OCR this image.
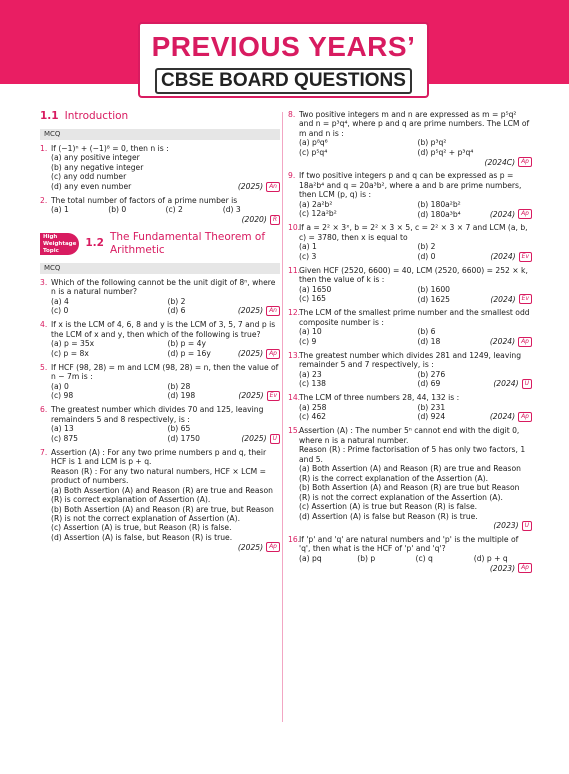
PREVIOUS YEARS’
CBSE BOARD QUESTIONS
1.1 Introduction
MCQ
1. If (−1)ⁿ + (−1)⁸ = 0, then n is :
(a) any positive integer
(b) any negative integer
(c) any odd number
(d) any even number	(2025)	An
2. The total number of factors of a prime number is
(a) 1	(b) 0	(c) 2	(d) 3
(2020)	R
High Weightage Topic
1.2
The Fundamental Theorem of Arithmetic
MCQ
3. Which of the following cannot be the unit digit of 8ⁿ, where n is a natural number?
(a) 4	(b) 2
(c) 0	(d) 6	(2025)	An
4. If x is the LCM of 4, 6, 8 and y is the LCM of 3, 5, 7 and p is the LCM of x and y, then which of the following is true?
(a) p = 35x	(b) p = 4y
(c) p = 8x	(d) p = 16y	(2025)	Ap
5. If HCF (98, 28) = m and LCM (98, 28) = n, then the value of n − 7m is :
(a) 0	(b) 28
(c) 98	(d) 198	(2025)	Ev
6. The greatest number which divides 70 and 125, leaving remainders 5 and 8 respectively, is :
(a) 13	(b) 65
(c) 875	(d) 1750	(2025)	U
7. Assertion (A) : For any two prime numbers p and q, their HCF is 1 and LCM is p + q.
Reason (R) : For any two natural numbers, HCF × LCM = product of numbers.
(a) Both Assertion (A) and Reason (R) are true and Reason (R) is correct explanation of Assertion (A).
(b) Both Assertion (A) and Reason (R) are true, but Reason (R) is not the correct explanation of Assertion (A).
(c) Assertion (A) is true, but Reason (R) is false.
(d) Assertion (A) is false, but Reason (R) is true.
(2025)	Ap
8. Two positive integers m and n are expressed as m = p⁵q² and n = p³q⁴, where p and q are prime numbers. The LCM of m and n is :
(a) p⁸q⁶	(b) p³q²
(c) p⁵q⁴	(d) p⁵q² + p³q⁴
(2024C)	Ap
9. If two positive integers p and q can be expressed as p = 18a²b⁴ and q = 20a³b², where a and b are prime numbers, then LCM (p, q) is :
(a) 2a²b²	(b) 180a²b²
(c) 12a²b²	(d) 180a³b⁴	(2024)	Ap
10.
If a = 2² × 3ˣ, b = 2² × 3 × 5, c = 2² × 3 × 7 and LCM (a, b, c) = 3780, then x is equal to
(a) 1	(b) 2
(c) 3	(d) 0	(2024)	Ev
11.
Given HCF (2520, 6600) = 40, LCM (2520, 6600) = 252 × k, then the value of k is :
(a) 1650	(b) 1600
(c) 165	(d) 1625	(2024)	Ev
12.
The LCM of the smallest prime number and the smallest odd composite number is :
(a) 10	(b) 6
(c) 9	(d) 18	(2024)	Ap
13.
The greatest number which divides 281 and 1249, leaving remainder 5 and 7 respectively, is :
(a) 23	(b) 276
(c) 138	(d) 69	(2024)	U
14.
The LCM of three numbers 28, 44, 132 is :
(a) 258	(b) 231
(c) 462	(d) 924	(2024)	Ap
15.
Assertion (A) : The number 5ⁿ cannot end with the digit 0, where n is a natural number.
Reason (R) : Prime factorisation of 5 has only two factors, 1 and 5.
(a) Both Assertion (A) and Reason (R) are true and Reason (R) is the correct explanation of the Assertion (A).
(b) Both Assertion (A) and Reason (R) are true but Reason (R) is not the correct explanation of the Assertion (A).
(c) Assertion (A) is true but Reason (R) is false.
(d) Assertion (A) is false but Reason (R) is true.
(2023)	U
16.
If 'p' and 'q' are natural numbers and 'p' is the multiple of 'q', then what is the HCF of 'p' and 'q'?
(a) pq	(b) p	(c) q	(d) p + q
(2023)	Ap
